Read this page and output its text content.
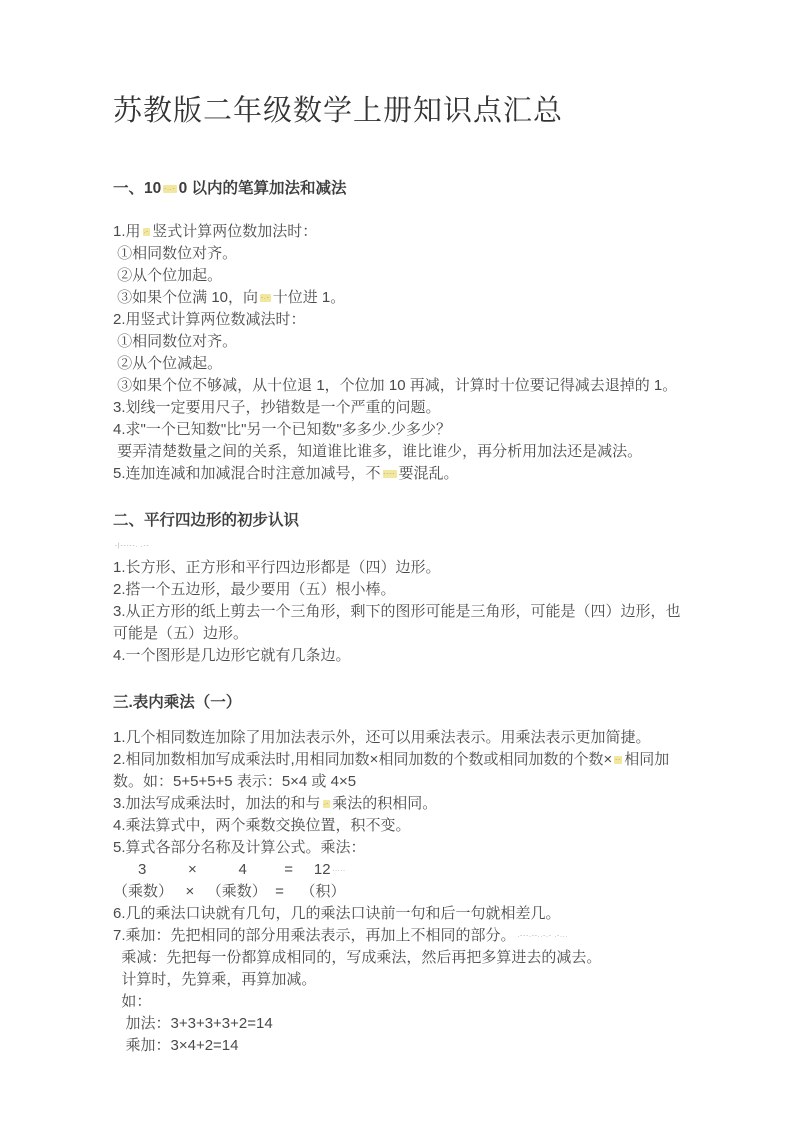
苏教版二年级数学上册知识点汇总
一、10 -..- 0 以内的笔算加法和减法
1.用 .- 竖式计算两位数加法时：
①相同数位对齐。
②从个位加起。
③如果个位满 10，向 -.- 十位进 1。
2.用竖式计算两位数减法时：
①相同数位对齐。
②从个位减起。
③如果个位不够减，从十位退 1，个位加 10 再减，计算时十位要记得减去退掉的 1。
3.划线一定要用尺子，抄错数是一个严重的问题。
4.求"一个已知数"比"另一个已知数"多多少.少多少？
要弄清楚数量之间的关系，知道谁比谁多，谁比谁少，再分析用加法还是减法。
5.连加连减和加减混合时注意加减号，不 ---- 要混乱。
二、平行四边形的初步认识
-|-----. .--
1.长方形、正方形和平行四边形都是（四）边形。
2.搭一个五边形，最少要用（五）根小棒。
3.从正方形的纸上剪去一个三角形，剩下的图形可能是三角形，可能是（四）边形，也
可能是（五）边形。
4.一个图形是几边形它就有几条边。
三.表内乘法（一）
1.几个相同数连加除了用加法表示外，还可以用乘法表示。用乘法表示更加简捷。
2.相同加数相加写成乘法时,用相同加数×相同加数的个数或相同加数的个数× -- 相同加
数。如：5+5+5+5 表示：5×4 或 4×5
3.加法写成乘法时，加法的和与 .- 乘法的积相同。
4.乘法算式中，两个乘数交换位置，积不变。
5.算式各部分名称及计算公式。乘法：
3          ×          4         =     12 .....
（乘数）   ×   （乘数）  =    （积）
6.几的乘法口诀就有几句，几的乘法口诀前一句和后一句就相差几。
7.乘加：先把相同的部分用乘法表示，再加上不相同的部分。 .---.--..-.- .-...
乘减：先把每一份都算成相同的，写成乘法，然后再把多算进去的减去。
计算时，先算乘，再算加减。
如：
加法：3+3+3+3+2=14
乘加：3×4+2=14
